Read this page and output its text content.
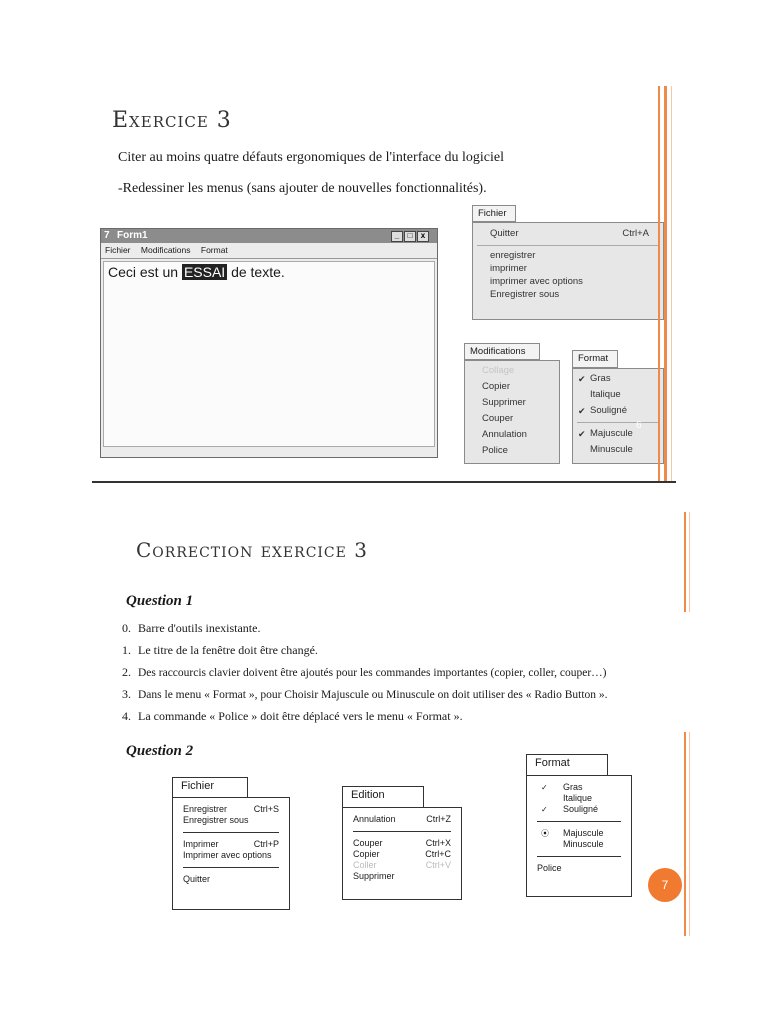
Exercice 3
Citer au moins quatre défauts ergonomiques de l'interface du logiciel
-Redessiner les menus (sans ajouter de nouvelles fonctionnalités).
7 Form1	_	□	x
Fichier Modifications Format
Ceci est un ESSAI de texte.
Fichier
Quitter	Ctrl+A
enregistrer
imprimer
imprimer avec options
Enregistrer sous
Modifications
Collage
Copier
Supprimer
Couper
Annulation
Police
Format
✔ Gras
Italique
✔ Souligné
✔ Majuscule
Minuscule
6
Correction exercice 3
Question 1
0. Barre d'outils inexistante.
1. Le titre de la fenêtre doit être changé.
2. Des raccourcis clavier doivent être ajoutés pour les commandes importantes (copier, coller, couper…)
3. Dans le menu « Format », pour Choisir Majuscule ou Minuscule on doit utiliser des « Radio Button ».
4. La commande « Police » doit être déplacé vers le menu « Format ».
Question 2
Fichier
Enregistrer	Ctrl+S
Enregistrer sous
Imprimer	Ctrl+P
Imprimer avec options
Quitter
Edition
Annulation	Ctrl+Z
Couper	Ctrl+X
Copier	Ctrl+C
Coller	Ctrl+V
Supprimer
Format
✓ Gras
Italique
✓ Souligné
⦿ Majuscule
Minuscule
Police
7
